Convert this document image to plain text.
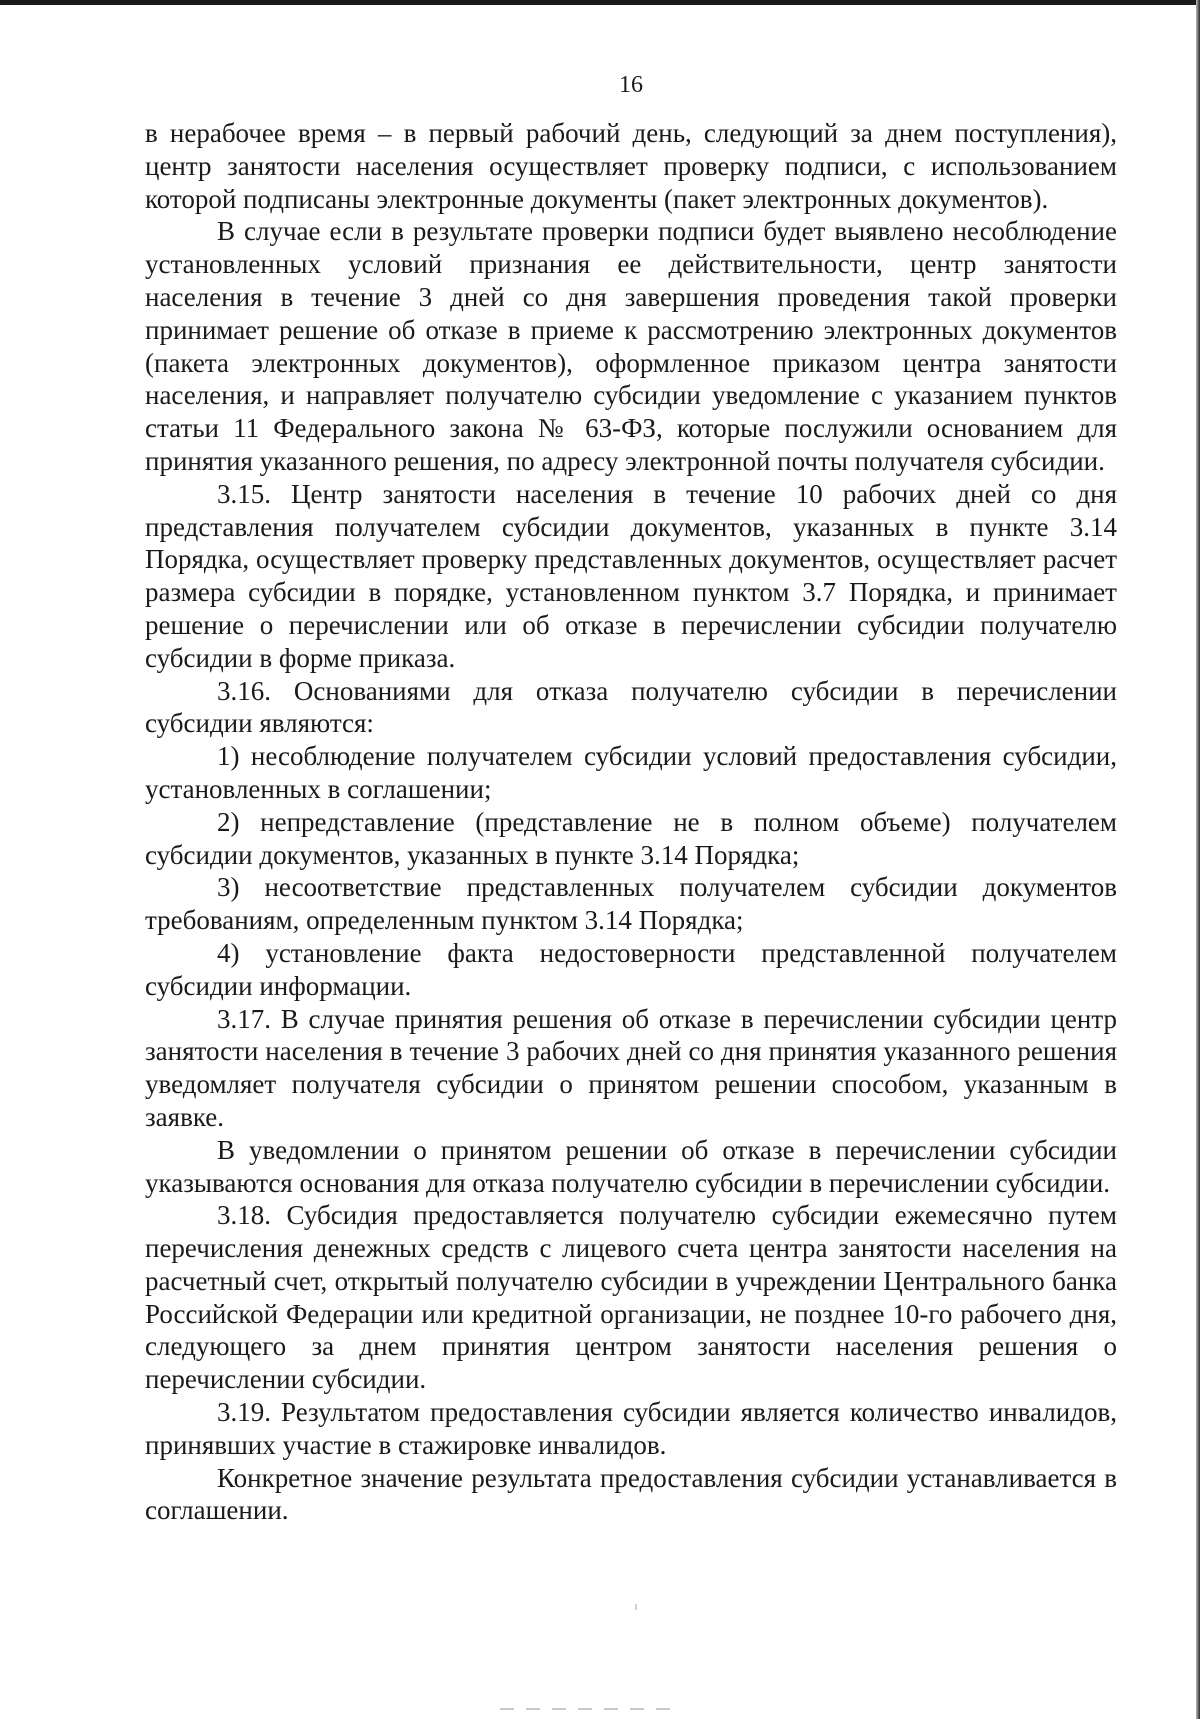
16

в нерабочее время – в первый рабочий день, следующий за днем поступления), центр занятости населения осуществляет проверку подписи, с использованием которой подписаны электронные документы (пакет электронных документов).

В случае если в результате проверки подписи будет выявлено несоблюдение установленных условий признания ее действительности, центр занятости населения в течение 3 дней со дня завершения проведения такой проверки принимает решение об отказе в приеме к рассмотрению электронных документов (пакета электронных документов), оформленное приказом центра занятости населения, и направляет получателю субсидии уведомление с указанием пунктов статьи 11 Федерального закона № 63-ФЗ, которые послужили основанием для принятия указанного решения, по адресу электронной почты получателя субсидии.

3.15. Центр занятости населения в течение 10 рабочих дней со дня представления получателем субсидии документов, указанных в пункте 3.14 Порядка, осуществляет проверку представленных документов, осуществляет расчет размера субсидии в порядке, установленном пунктом 3.7 Порядка, и принимает решение о перечислении или об отказе в перечислении субсидии получателю субсидии в форме приказа.

3.16. Основаниями для отказа получателю субсидии в перечислении субсидии являются:

1) несоблюдение получателем субсидии условий предоставления субсидии, установленных в соглашении;

2) непредставление (представление не в полном объеме) получателем субсидии документов, указанных в пункте 3.14 Порядка;

3) несоответствие представленных получателем субсидии документов требованиям, определенным пунктом 3.14 Порядка;

4) установление факта недостоверности представленной получателем субсидии информации.

3.17. В случае принятия решения об отказе в перечислении субсидии центр занятости населения в течение 3 рабочих дней со дня принятия указанного решения уведомляет получателя субсидии о принятом решении способом, указанным в заявке.

В уведомлении о принятом решении об отказе в перечислении субсидии указываются основания для отказа получателю субсидии в перечислении субсидии.

3.18. Субсидия предоставляется получателю субсидии ежемесячно путем перечисления денежных средств с лицевого счета центра занятости населения на расчетный счет, открытый получателю субсидии в учреждении Центрального банка Российской Федерации или кредитной организации, не позднее 10-го рабочего дня, следующего за днем принятия центром занятости населения решения о перечислении субсидии.

3.19. Результатом предоставления субсидии является количество инвалидов, принявших участие в стажировке инвалидов.

Конкретное значение результата предоставления субсидии устанавливается в соглашении.
